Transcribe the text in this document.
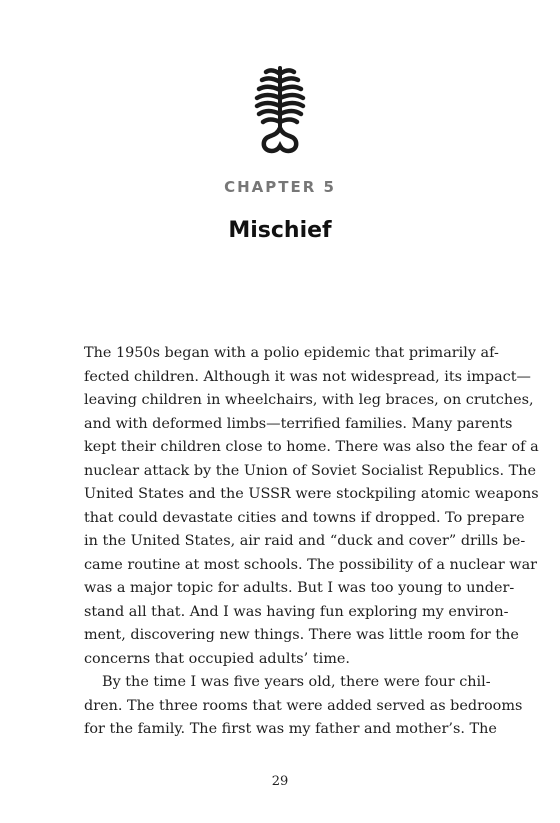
CHAPTER 5
Mischief
The 1950s began with a polio epidemic that primarily af-
fected children. Although it was not widespread, its impact—
leaving children in wheelchairs, with leg braces, on crutches,
and with deformed limbs—terrified families. Many parents
kept their children close to home. There was also the fear of a
nuclear attack by the Union of Soviet Socialist Republics. The
United States and the USSR were stockpiling atomic weapons
that could devastate cities and towns if dropped. To prepare
in the United States, air raid and “duck and cover” drills be-
came routine at most schools. The possibility of a nuclear war
was a major topic for adults. But I was too young to under-
stand all that. And I was having fun exploring my environ-
ment, discovering new things. There was little room for the
concerns that occupied adults’ time.
By the time I was five years old, there were four chil-
dren. The three rooms that were added served as bedrooms
for the family. The first was my father and mother’s. The
29
